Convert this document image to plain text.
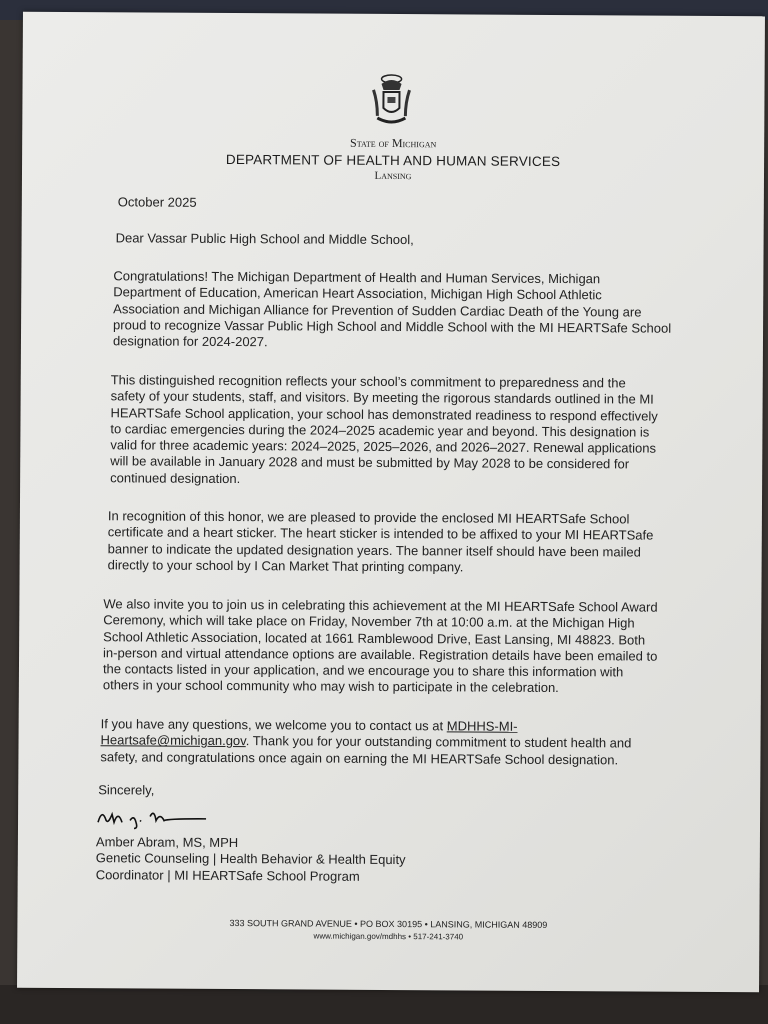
State of Michigan
DEPARTMENT OF HEALTH AND HUMAN SERVICES
Lansing
October 2025
Dear Vassar Public High School and Middle School,
Congratulations! The Michigan Department of Health and Human Services, Michigan
Department of Education, American Heart Association, Michigan High School Athletic
Association and Michigan Alliance for Prevention of Sudden Cardiac Death of the Young are
proud to recognize Vassar Public High School and Middle School with the MI HEARTSafe School
designation for 2024-2027.
This distinguished recognition reflects your school’s commitment to preparedness and the
safety of your students, staff, and visitors. By meeting the rigorous standards outlined in the MI
HEARTSafe School application, your school has demonstrated readiness to respond effectively
to cardiac emergencies during the 2024–2025 academic year and beyond. This designation is
valid for three academic years: 2024–2025, 2025–2026, and 2026–2027. Renewal applications
will be available in January 2028 and must be submitted by May 2028 to be considered for
continued designation.
In recognition of this honor, we are pleased to provide the enclosed MI HEARTSafe School
certificate and a heart sticker. The heart sticker is intended to be affixed to your MI HEARTSafe
banner to indicate the updated designation years. The banner itself should have been mailed
directly to your school by I Can Market That printing company.
We also invite you to join us in celebrating this achievement at the MI HEARTSafe School Award
Ceremony, which will take place on Friday, November 7th at 10:00 a.m. at the Michigan High
School Athletic Association, located at 1661 Ramblewood Drive, East Lansing, MI 48823. Both
in-person and virtual attendance options are available. Registration details have been emailed to
the contacts listed in your application, and we encourage you to share this information with
others in your school community who may wish to participate in the celebration.
If you have any questions, we welcome you to contact us at MDHHS-MI-
Heartsafe@michigan.gov. Thank you for your outstanding commitment to student health and
safety, and congratulations once again on earning the MI HEARTSafe School designation.
Sincerely,
Amber Abram, MS, MPH
Genetic Counseling | Health Behavior & Health Equity
Coordinator | MI HEARTSafe School Program
333 SOUTH GRAND AVENUE • PO BOX 30195 • LANSING, MICHIGAN 48909
www.michigan.gov/mdhhs • 517-241-3740
